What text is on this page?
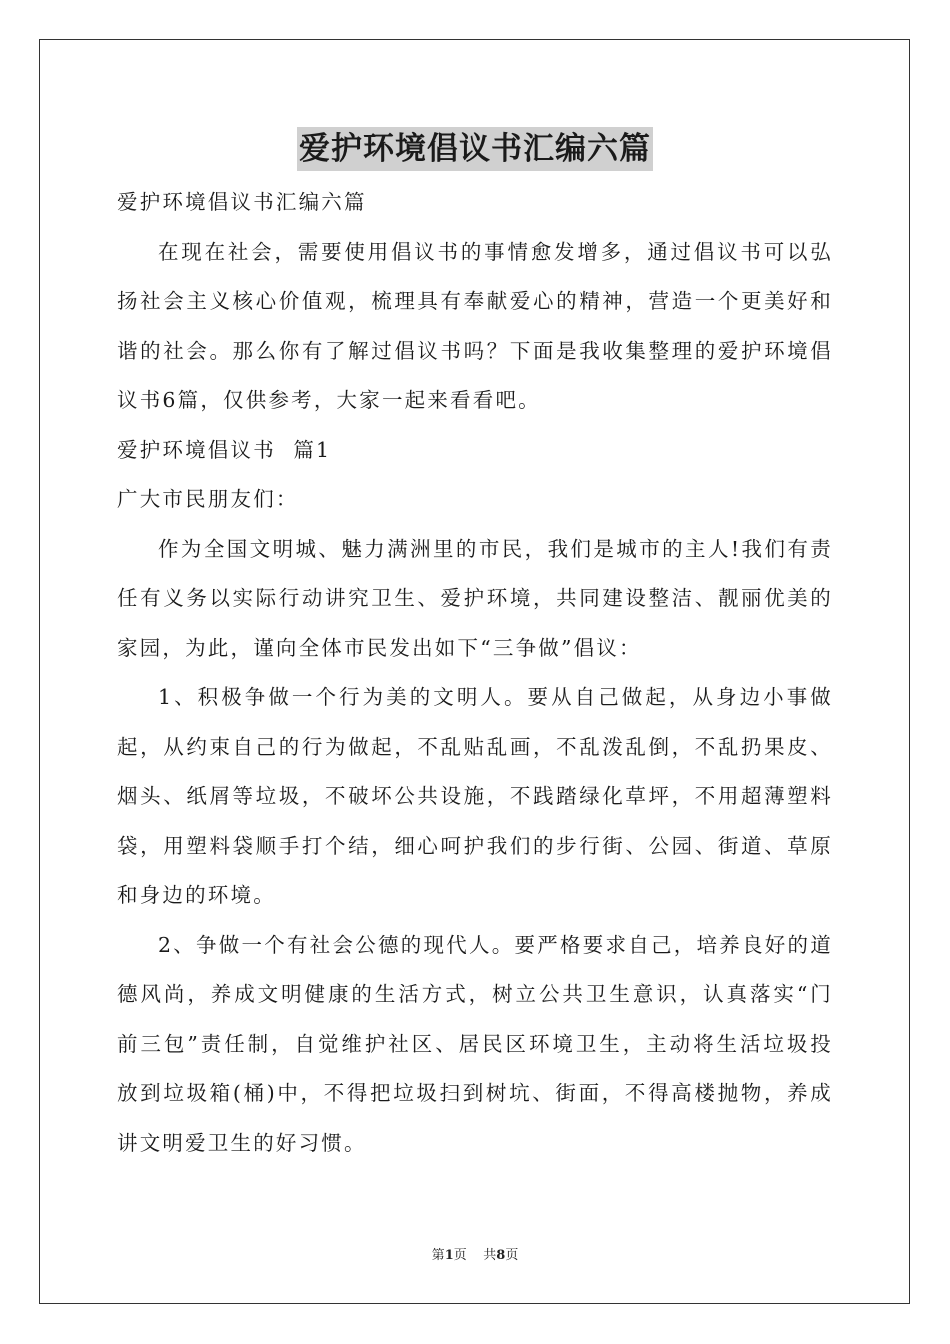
爱护环境倡议书汇编六篇

爱护环境倡议书汇编六篇

在现在社会，需要使用倡议书的事情愈发增多，通过倡议书可以弘扬社会主义核心价值观，梳理具有奉献爱心的精神，营造一个更美好和谐的社会。那么你有了解过倡议书吗？下面是我收集整理的爱护环境倡议书6篇，仅供参考，大家一起来看看吧。

爱护环境倡议书  篇1

广大市民朋友们：

作为全国文明城、魅力满洲里的市民，我们是城市的主人!我们有责任有义务以实际行动讲究卫生、爱护环境，共同建设整洁、靓丽优美的家园，为此，谨向全体市民发出如下“三争做”倡议：

1、积极争做一个行为美的文明人。要从自己做起，从身边小事做起，从约束自己的行为做起，不乱贴乱画，不乱泼乱倒，不乱扔果皮、烟头、纸屑等垃圾，不破坏公共设施，不践踏绿化草坪，不用超薄塑料袋，用塑料袋顺手打个结，细心呵护我们的步行街、公园、街道、草原和身边的环境。

2、争做一个有社会公德的现代人。要严格要求自己，培养良好的道德风尚，养成文明健康的生活方式，树立公共卫生意识，认真落实“门前三包”责任制，自觉维护社区、居民区环境卫生，主动将生活垃圾投放到垃圾箱(桶)中，不得把垃圾扫到树坑、街面，不得高楼抛物，养成讲文明爱卫生的好习惯。

第1页    共8页
